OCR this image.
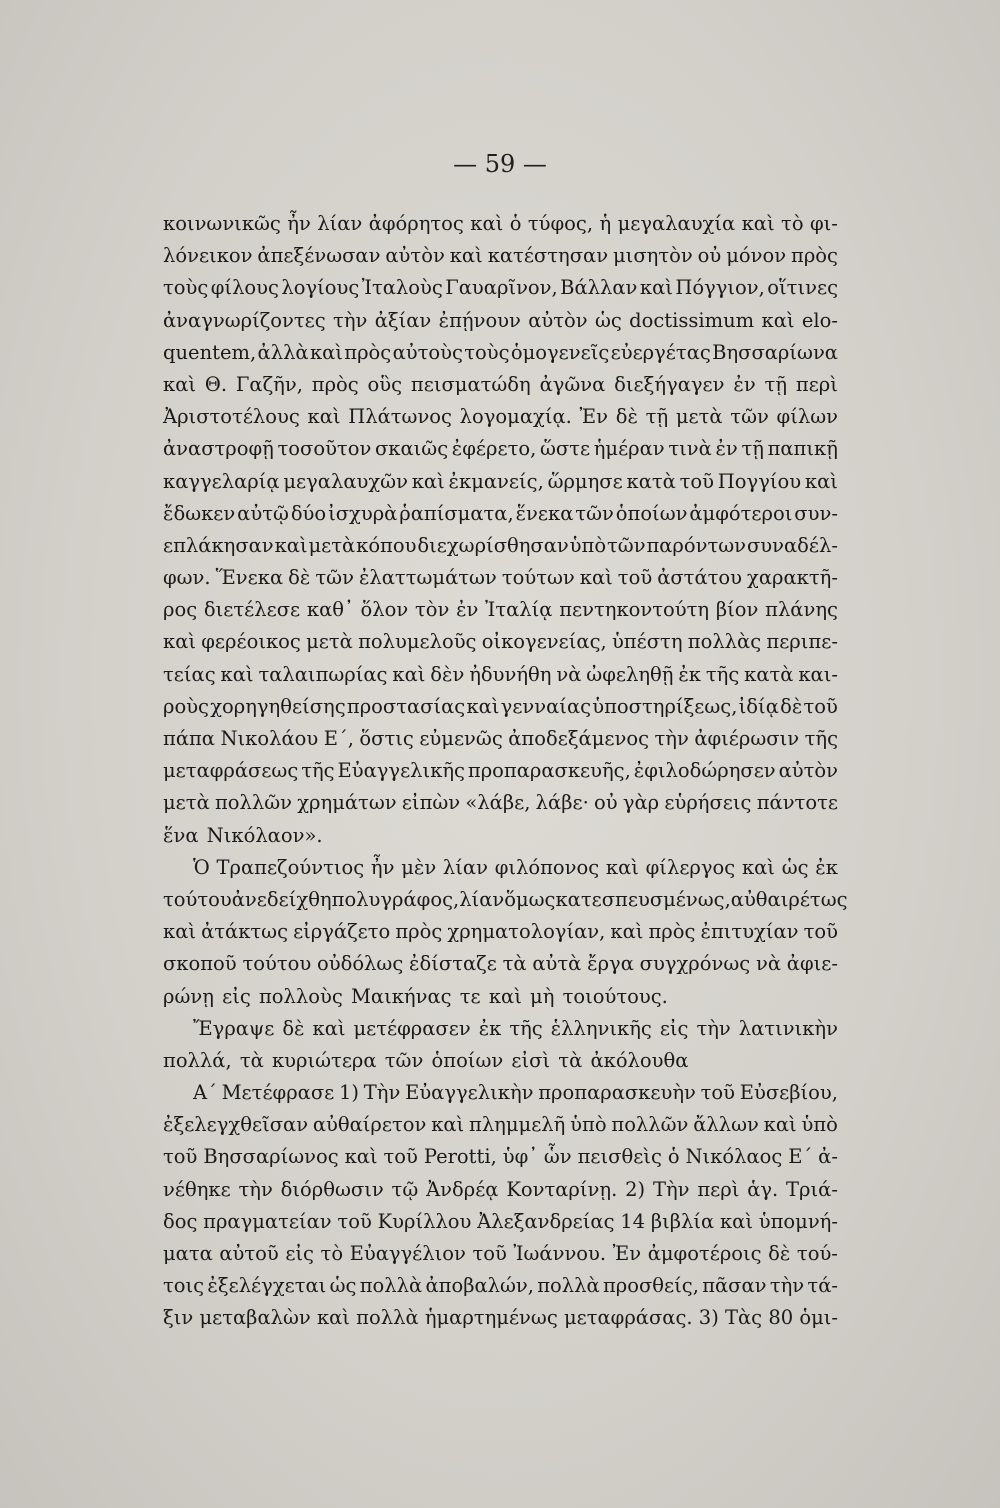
— 59 —
κοινωνικῶς ἦν λίαν ἀφόρητος καὶ ὁ τύφος, ἡ μεγαλαυχία καὶ τὸ φι-
λόνεικον ἀπεξένωσαν αὐτὸν καὶ κατέστησαν μισητὸν οὐ μόνον πρὸς
τοὺς φίλους λογίους Ἰταλοὺς Γαυαρῖνον, Βάλλαν καὶ Πόγγιον, οἵτινες
ἀναγνωρίζοντες τὴν ἀξίαν ἐπῄνουν αὐτὸν ὡς doctissimum καὶ elo-
quentem, ἀλλὰ καὶ πρὸς αὐτοὺς τοὺς ὁμογενεῖς εὐεργέτας Βησσαρίωνα
καὶ Θ. Γαζῆν, πρὸς οὓς πεισματώδη ἀγῶνα διεξήγαγεν ἐν τῇ περὶ
Ἀριστοτέλους καὶ Πλάτωνος λογομαχίᾳ. Ἐν δὲ τῇ μετὰ τῶν φίλων
ἀναστροφῇ τοσοῦτον σκαιῶς ἐφέρετο, ὥστε ἡμέραν τινὰ ἐν τῇ παπικῇ
καγγελαρίᾳ μεγαλαυχῶν καὶ ἐκμανείς, ὥρμησε κατὰ τοῦ Πογγίου καὶ
ἔδωκεν αὐτῷ δύο ἰσχυρὰ ῥαπίσματα, ἕνεκα τῶν ὁποίων ἀμφότεροι συν-
επλάκησαν καὶ μετὰ κόπου διεχωρίσθησαν ὑπὸ τῶν παρόντων συναδέλ-
φων. Ἕνεκα δὲ τῶν ἐλαττωμάτων τούτων καὶ τοῦ ἀστάτου χαρακτῆ-
ρος διετέλεσε καθ᾽ ὅλον τὸν ἐν Ἰταλίᾳ πεντηκοντούτη βίον πλάνης
καὶ φερέοικος μετὰ πολυμελοῦς οἰκογενείας, ὑπέστη πολλὰς περιπε-
τείας καὶ ταλαιπωρίας καὶ δὲν ἠδυνήθη νὰ ὠφεληθῇ ἐκ τῆς κατὰ και-
ροὺς χορηγηθείσης προστασίας καὶ γενναίας ὑποστηρίξεως, ἰδίᾳ δὲ τοῦ
πάπα Νικολάου Ε΄, ὅστις εὐμενῶς ἀποδεξάμενος τὴν ἀφιέρωσιν τῆς
μεταφράσεως τῆς Εὐαγγελικῆς προπαρασκευῆς, ἐφιλοδώρησεν αὐτὸν
μετὰ πολλῶν χρημάτων εἰπὼν «λάβε, λάβε· οὐ γὰρ εὑρήσεις πάντοτε
ἕνα Νικόλαον».
Ὁ Τραπεζούντιος ἦν μὲν λίαν φιλόπονος καὶ φίλεργος καὶ ὡς ἐκ
τούτου ἀνεδείχθη πολυγράφος, λίαν ὅμως κατεσπευσμένως, αὐθαιρέτως
καὶ ἀτάκτως εἰργάζετο πρὸς χρηματολογίαν, καὶ πρὸς ἐπιτυχίαν τοῦ
σκοποῦ τούτου οὐδόλως ἐδίσταζε τὰ αὐτὰ ἔργα συγχρόνως νὰ ἀφιε-
ρώνῃ εἰς πολλοὺς Μαικήνας τε καὶ μὴ τοιούτους.
Ἔγραψε δὲ καὶ μετέφρασεν ἐκ τῆς ἑλληνικῆς εἰς τὴν λατινικὴν
πολλά, τὰ κυριώτερα τῶν ὁποίων εἰσὶ τὰ ἀκόλουθα
Α΄ Μετέφρασε 1) Τὴν Εὐαγγελικὴν προπαρασκευὴν τοῦ Εὐσεβίου,
ἐξελεγχθεῖσαν αὐθαίρετον καὶ πλημμελῆ ὑπὸ πολλῶν ἄλλων καὶ ὑπὸ
τοῦ Βησσαρίωνος καὶ τοῦ Perotti, ὑφ᾽ ὧν πεισθεὶς ὁ Νικόλαος Ε΄ ἀ-
νέθηκε τὴν διόρθωσιν τῷ Ἀνδρέᾳ Κονταρίνῃ. 2) Τὴν περὶ ἁγ. Τριά-
δος πραγματείαν τοῦ Κυρίλλου Ἀλεξανδρείας 14 βιβλία καὶ ὑπομνή-
ματα αὐτοῦ εἰς τὸ Εὐαγγέλιον τοῦ Ἰωάννου. Ἐν ἀμφοτέροις δὲ τού-
τοις ἐξελέγχεται ὡς πολλὰ ἀποβαλών, πολλὰ προσθείς, πᾶσαν τὴν τά-
ξιν μεταβαλὼν καὶ πολλὰ ἡμαρτημένως μεταφράσας. 3) Τὰς 80 ὁμι-
